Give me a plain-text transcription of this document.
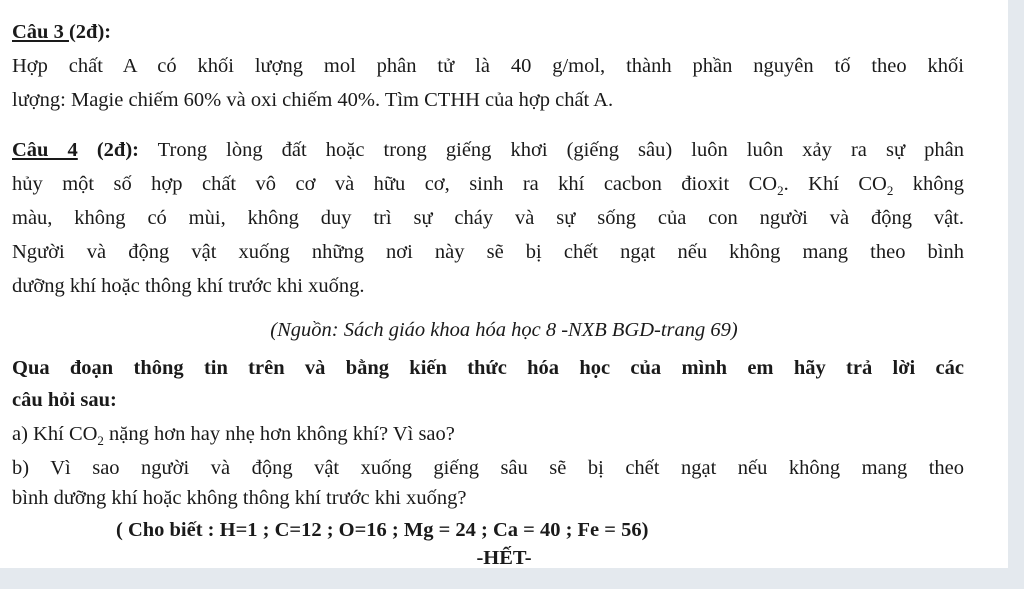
Câu 3 (2đ):
Hợp chất A có khối lượng mol phân tử là 40 g/mol, thành phần nguyên tố theo khối
lượng: Magie chiếm 60% và oxi chiếm 40%. Tìm CTHH của hợp chất A.
Câu 4 (2đ): Trong lòng đất hoặc trong giếng khơi (giếng sâu) luôn luôn xảy ra sự phân
hủy một số hợp chất vô cơ và hữu cơ, sinh ra khí cacbon đioxit $CO_2$. Khí $CO_2$ không
màu, không có mùi, không duy trì sự cháy và sự sống của con người và động vật.
Người và động vật xuống những nơi này sẽ bị chết ngạt nếu không mang theo bình
dưỡng khí hoặc thông khí trước khi xuống.
(Nguồn: Sách giáo khoa hóa học 8 -NXB BGD-trang 69)
Qua đoạn thông tin trên và bằng kiến thức hóa học của mình em hãy trả lời các
câu hỏi sau:
a) Khí $CO_2$ nặng hơn hay nhẹ hơn không khí? Vì sao?
b) Vì sao người và động vật xuống giếng sâu sẽ bị chết ngạt nếu không mang theo
bình dưỡng khí hoặc không thông khí trước khi xuống?
( Cho biết : H=1 ; C=12 ; O=16 ; Mg = 24 ; Ca = 40 ; Fe = 56)
-HẾT-
